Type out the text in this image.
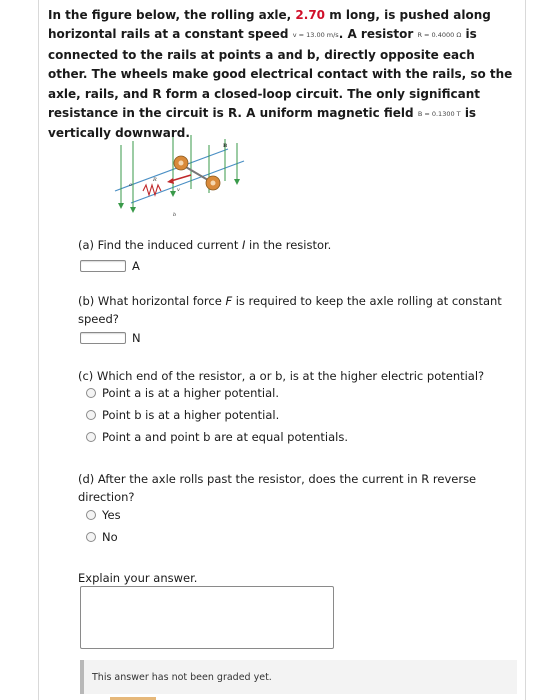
In the figure below, the rolling axle, 2.70 m long, is pushed along horizontal rails at a constant speed v = 13.00 m/s. A resistor R = 0.4000 Ω is connected to the rails at points a and b, directly opposite each other. The wheels make good electrical contact with the rails, so the axle, rails, and R form a closed-loop circuit. The only significant resistance in the circuit is R. A uniform magnetic field B = 0.1300 T is vertically downward.
a
b
R
v
B
(a) Find the induced current I in the resistor.
A
(b) What horizontal force F is required to keep the axle rolling at constant speed?
N
(c) Which end of the resistor, a or b, is at the higher electric potential?
Point a is at a higher potential.
Point b is at a higher potential.
Point a and point b are at equal potentials.
(d) After the axle rolls past the resistor, does the current in R reverse direction?
Yes
No
Explain your answer.
This answer has not been graded yet.
